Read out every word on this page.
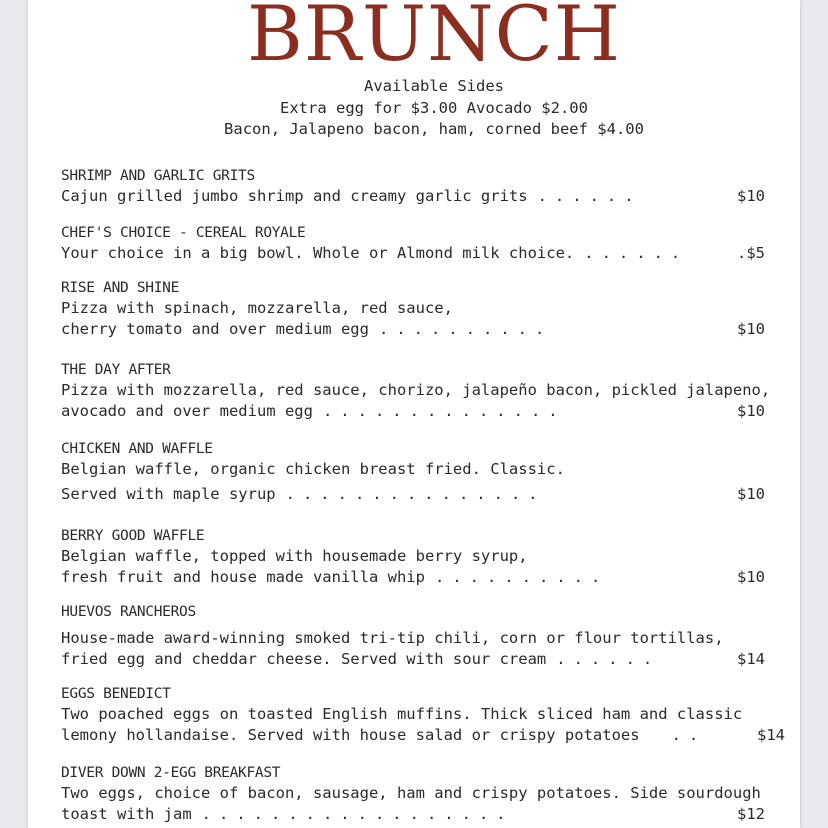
BRUNCH
Available Sides
Extra egg for $3.00 Avocado $2.00
Bacon, Jalapeno bacon, ham, corned beef $4.00
SHRIMP AND GARLIC GRITS
Cajun grilled jumbo shrimp and creamy garlic grits ......	$10
CHEF'S CHOICE - CEREAL ROYALE
Your choice in a big bowl. Whole or Almond milk choice. ......	.$5
RISE AND SHINE
Pizza with spinach, mozzarella, red sauce,
cherry tomato and over medium egg ..........	$10
THE DAY AFTER
Pizza with mozzarella, red sauce, chorizo, jalapeño bacon, pickled jalapeno,
avocado and over medium egg ..............	$10
CHICKEN AND WAFFLE
Belgian waffle, organic chicken breast fried. Classic.
Served with maple syrup ...............	$10
BERRY GOOD WAFFLE
Belgian waffle, topped with housemade berry syrup,
fresh fruit and house made vanilla whip ..........	$10
HUEVOS RANCHEROS
House-made award-winning smoked tri-tip chili, corn or flour tortillas,
fried egg and cheddar cheese. Served with sour cream ......	$14
EGGS BENEDICT
Two poached eggs on toasted English muffins. Thick sliced ham and classic
lemony hollandaise. Served with house salad or crispy potatoes ..	$14
DIVER DOWN 2-EGG BREAKFAST
Two eggs, choice of bacon, sausage, ham and crispy potatoes. Side sourdough
toast with jam ..................	$12
